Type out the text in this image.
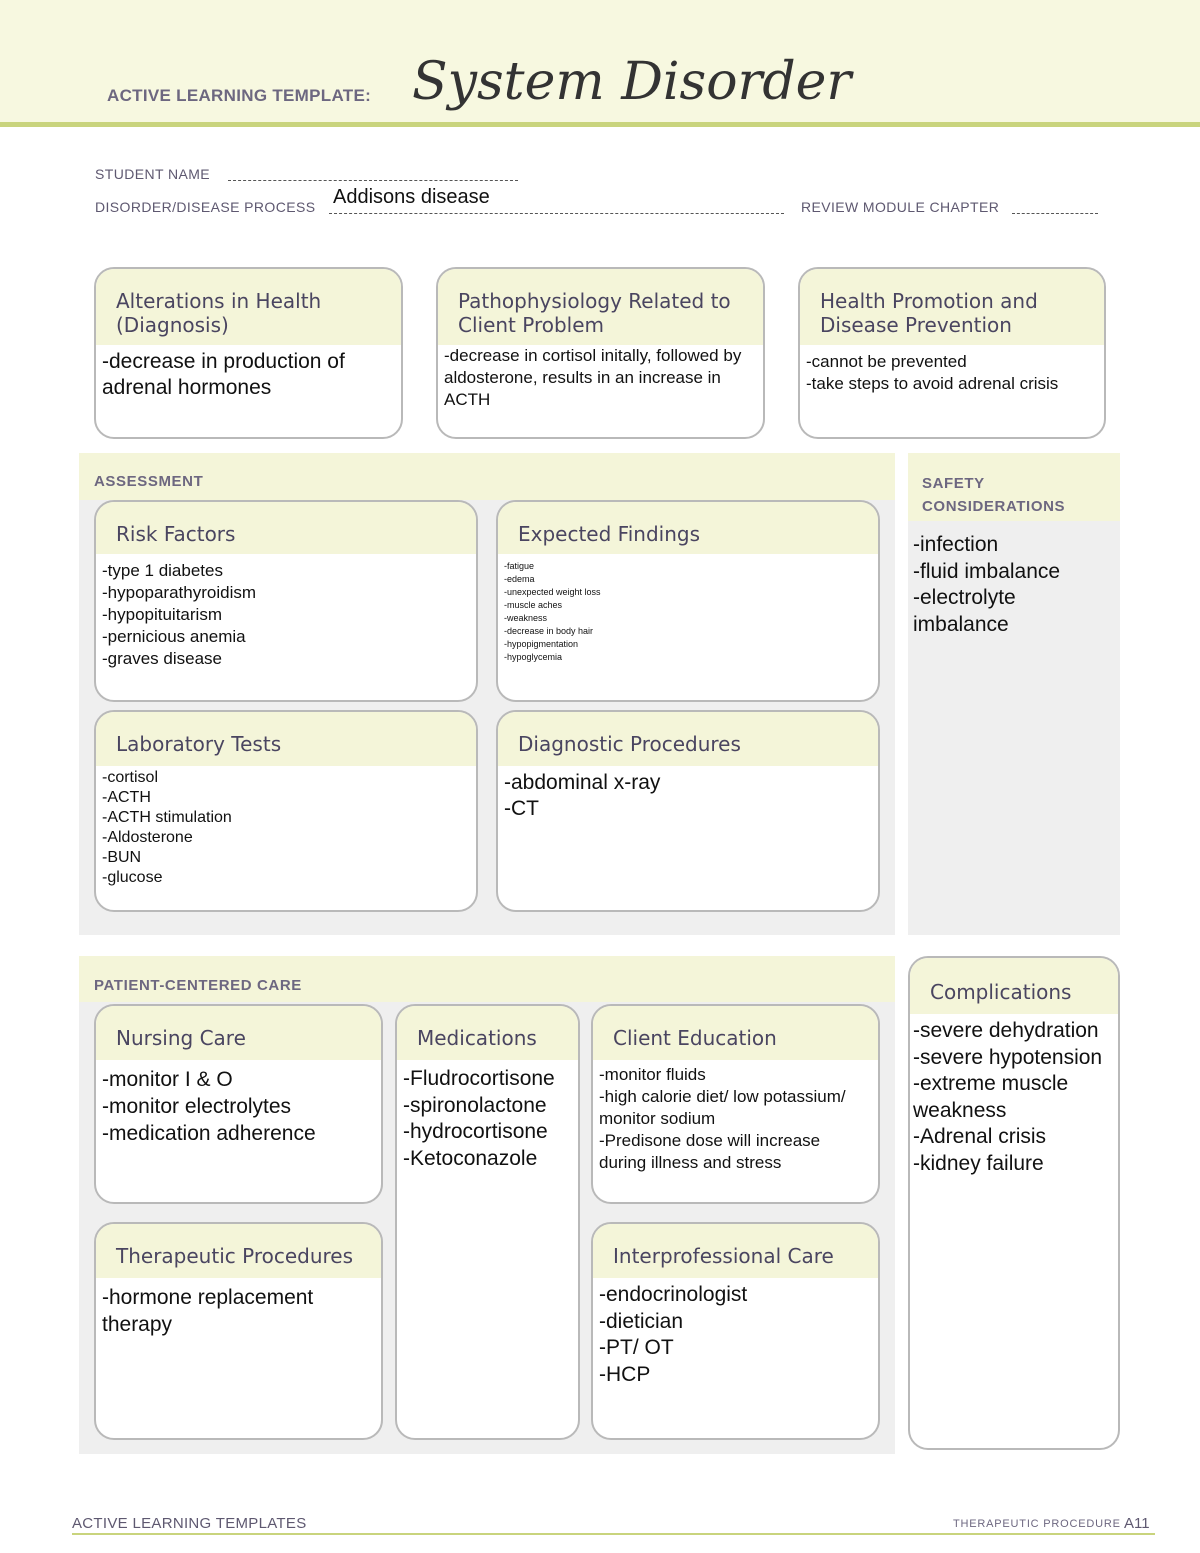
ACTIVE LEARNING TEMPLATE: System Disorder
STUDENT NAME
DISORDER/DISEASE PROCESS Addisons disease	REVIEW MODULE CHAPTER
Alterations in Health (Diagnosis)
-decrease in production of adrenal hormones
Pathophysiology Related to Client Problem
-decrease in cortisol initally, followed by aldosterone, results in an increase in ACTH
Health Promotion and Disease Prevention
-cannot be prevented
-take steps to avoid adrenal crisis
ASSESSMENT
Risk Factors
-type 1 diabetes
-hypoparathyroidism
-hypopituitarism
-pernicious anemia
-graves disease
Expected Findings
-fatigue
-edema
-unexpected weight loss
-muscle aches
-weakness
-decrease in body hair
-hypopigmentation
-hypoglycemia
Laboratory Tests
-cortisol
-ACTH
-ACTH stimulation
-Aldosterone
-BUN
-glucose
Diagnostic Procedures
-abdominal x-ray
-CT
SAFETY CONSIDERATIONS
-infection
-fluid imbalance
-electrolyte imbalance
PATIENT-CENTERED CARE
Nursing Care
-monitor I & O
-monitor electrolytes
-medication adherence
Medications
-Fludrocortisone
-spironolactone
-hydrocortisone
-Ketoconazole
Client Education
-monitor fluids
-high calorie diet/ low potassium/ monitor sodium
-Predisone dose will increase during illness and stress
Therapeutic Procedures
-hormone replacement therapy
Interprofessional Care
-endocrinologist
-dietician
-PT/ OT
-HCP
Complications
-severe dehydration
-severe hypotension
-extreme muscle weakness
-Adrenal crisis
-kidney failure
ACTIVE LEARNING TEMPLATES	THERAPEUTIC PROCEDURE A11
